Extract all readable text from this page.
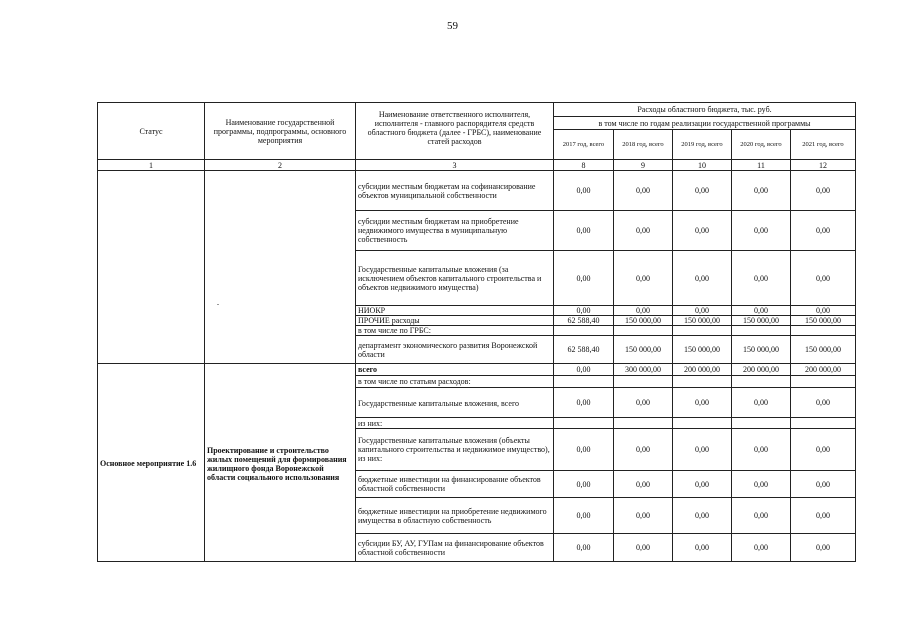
59
Статус	Наименование государственной программы, подпрограммы, основного мероприятия	Наименование ответственного исполнителя, исполнителя - главного распорядителя средств областного бюджета (далее - ГРБС), наименование статей расходов	Расходы областного бюджета, тыс. руб.				
			в том числе по годам реализации государственной программы				
			2017 год, всего	2018 год, всего	2019 год, всего	2020 год, всего	2021 год, всего
1	2	3	8	9	10	11	12
		субсидии местным бюджетам на софинансирование объектов муниципальной собственности	0,00	0,00	0,00	0,00	0,00
		субсидии местным бюджетам на приобретение недвижимого имущества в муниципальную собственность	0,00	0,00	0,00	0,00	0,00
		Государственные капитальные вложения (за исключением объектов капитального строительства и объектов недвижимого имущества)	0,00	0,00	0,00	0,00	0,00
		НИОКР	0,00	0,00	0,00	0,00	0,00
		ПРОЧИЕ расходы	62 588,40	150 000,00	150 000,00	150 000,00	150 000,00
		в том числе по ГРБС:					
		департамент экономического развития Воронежской области	62 588,40	150 000,00	150 000,00	150 000,00	150 000,00
Основное мероприятие 1.6	Проектирование и строительство жилых помещений для формирования жилищного фонда Воронежской области социального использования	всего	0,00	300 000,00	200 000,00	200 000,00	200 000,00
		в том числе по статьям расходов:					
		Государственные капитальные вложения, всего	0,00	0,00	0,00	0,00	0,00
		из них:					
		Государственные капитальные вложения (объекты капитального строительства и недвижимое имущество), из них:	0,00	0,00	0,00	0,00	0,00
		бюджетные инвестиции на финансирование объектов областной собственности	0,00	0,00	0,00	0,00	0,00
		бюджетные инвестиции на приобретение недвижимого имущества в областную собственность	0,00	0,00	0,00	0,00	0,00
		субсидии БУ, АУ, ГУПам на финансирование объектов областной собственности	0,00	0,00	0,00	0,00	0,00
